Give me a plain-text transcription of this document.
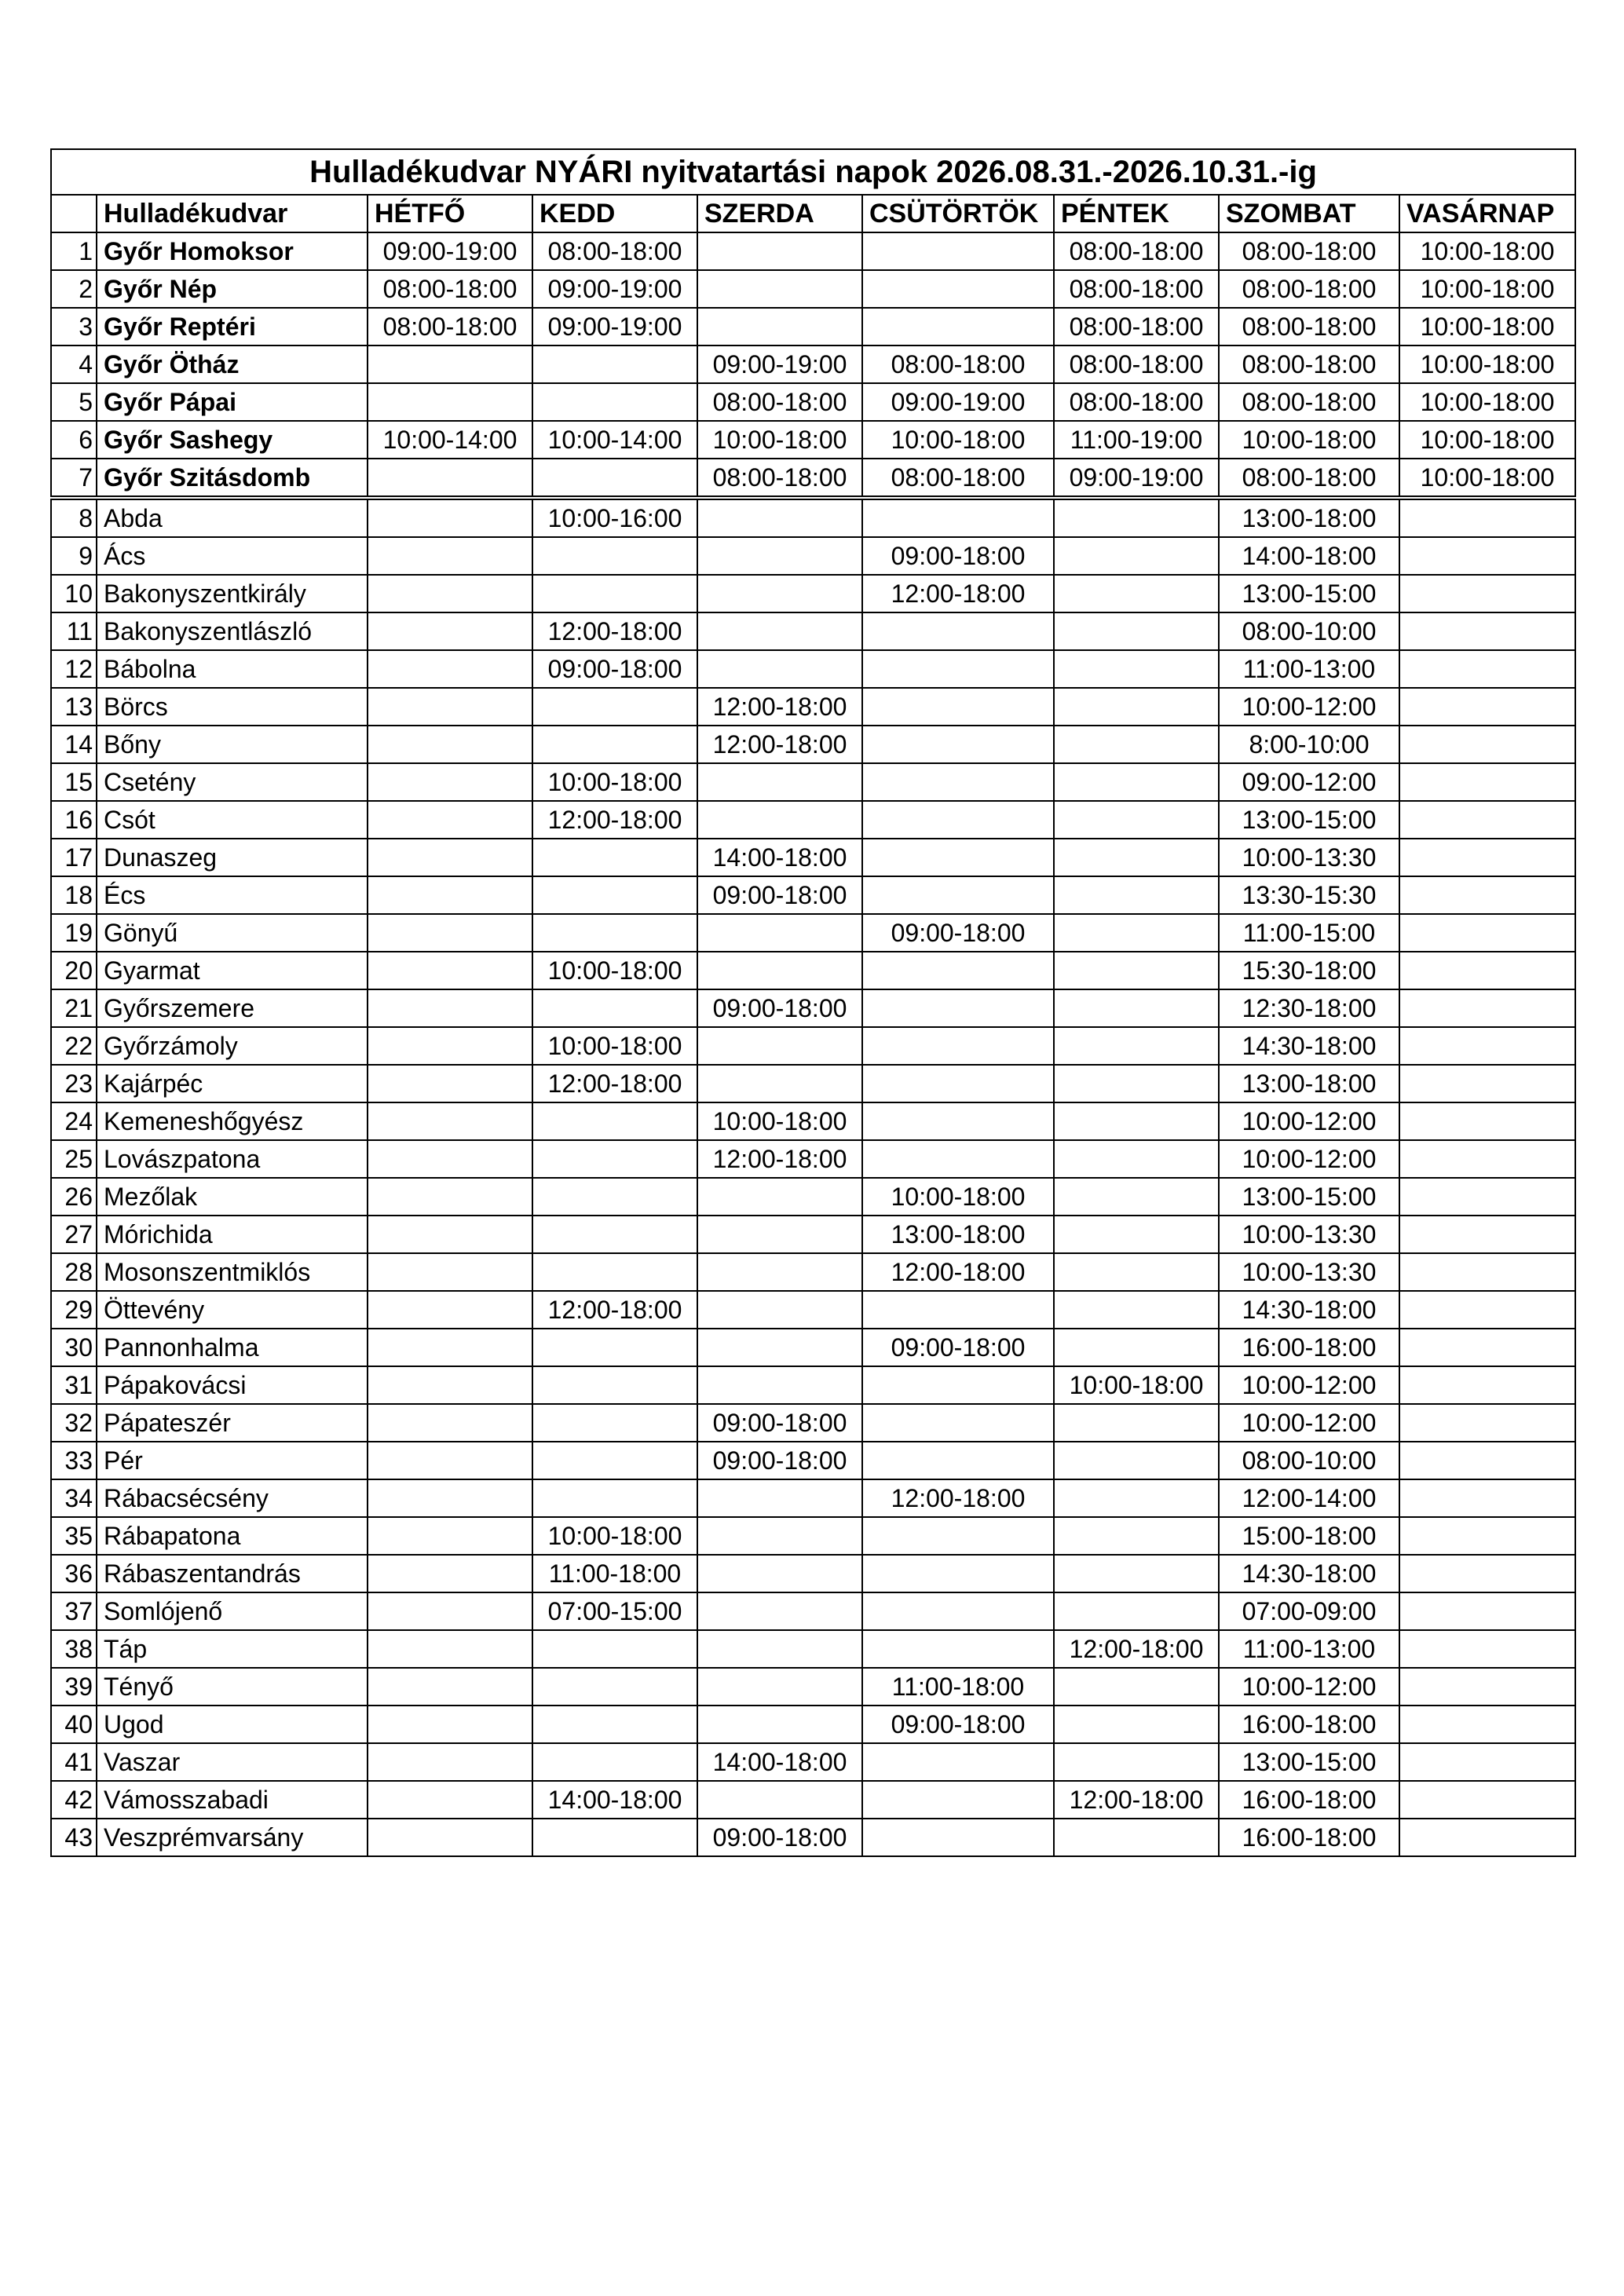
Hulladékudvar NYÁRI nyitvatartási napok 2026.08.31.-2026.10.31.-ig								
	Hulladékudvar	HÉTFŐ	KEDD	SZERDA	CSÜTÖRTÖK	PÉNTEK	SZOMBAT	VASÁRNAP
1	Győr Homoksor	09:00-19:00	08:00-18:00			08:00-18:00	08:00-18:00	10:00-18:00
2	Győr Nép	08:00-18:00	09:00-19:00			08:00-18:00	08:00-18:00	10:00-18:00
3	Győr Reptéri	08:00-18:00	09:00-19:00			08:00-18:00	08:00-18:00	10:00-18:00
4	Győr Ötház			09:00-19:00	08:00-18:00	08:00-18:00	08:00-18:00	10:00-18:00
5	Győr Pápai			08:00-18:00	09:00-19:00	08:00-18:00	08:00-18:00	10:00-18:00
6	Győr Sashegy	10:00-14:00	10:00-14:00	10:00-18:00	10:00-18:00	11:00-19:00	10:00-18:00	10:00-18:00
7	Győr Szitásdomb			08:00-18:00	08:00-18:00	09:00-19:00	08:00-18:00	10:00-18:00
8	Abda		10:00-16:00				13:00-18:00	
9	Ács				09:00-18:00		14:00-18:00	
10	Bakonyszentkirály				12:00-18:00		13:00-15:00	
11	Bakonyszentlászló		12:00-18:00				08:00-10:00	
12	Bábolna		09:00-18:00				11:00-13:00	
13	Börcs			12:00-18:00			10:00-12:00	
14	Bőny			12:00-18:00			8:00-10:00	
15	Csetény		10:00-18:00				09:00-12:00	
16	Csót		12:00-18:00				13:00-15:00	
17	Dunaszeg			14:00-18:00			10:00-13:30	
18	Écs			09:00-18:00			13:30-15:30	
19	Gönyű				09:00-18:00		11:00-15:00	
20	Gyarmat		10:00-18:00				15:30-18:00	
21	Győrszemere			09:00-18:00			12:30-18:00	
22	Győrzámoly		10:00-18:00				14:30-18:00	
23	Kajárpéc		12:00-18:00				13:00-18:00	
24	Kemeneshőgyész			10:00-18:00			10:00-12:00	
25	Lovászpatona			12:00-18:00			10:00-12:00	
26	Mezőlak				10:00-18:00		13:00-15:00	
27	Mórichida				13:00-18:00		10:00-13:30	
28	Mosonszentmiklós				12:00-18:00		10:00-13:30	
29	Öttevény		12:00-18:00				14:30-18:00	
30	Pannonhalma				09:00-18:00		16:00-18:00	
31	Pápakovácsi					10:00-18:00	10:00-12:00	
32	Pápateszér			09:00-18:00			10:00-12:00	
33	Pér			09:00-18:00			08:00-10:00	
34	Rábacsécsény				12:00-18:00		12:00-14:00	
35	Rábapatona		10:00-18:00				15:00-18:00	
36	Rábaszentandrás		11:00-18:00				14:30-18:00	
37	Somlójenő		07:00-15:00				07:00-09:00	
38	Táp					12:00-18:00	11:00-13:00	
39	Tényő				11:00-18:00		10:00-12:00	
40	Ugod				09:00-18:00		16:00-18:00	
41	Vaszar			14:00-18:00			13:00-15:00	
42	Vámosszabadi		14:00-18:00			12:00-18:00	16:00-18:00	
43	Veszprémvarsány			09:00-18:00			16:00-18:00	
